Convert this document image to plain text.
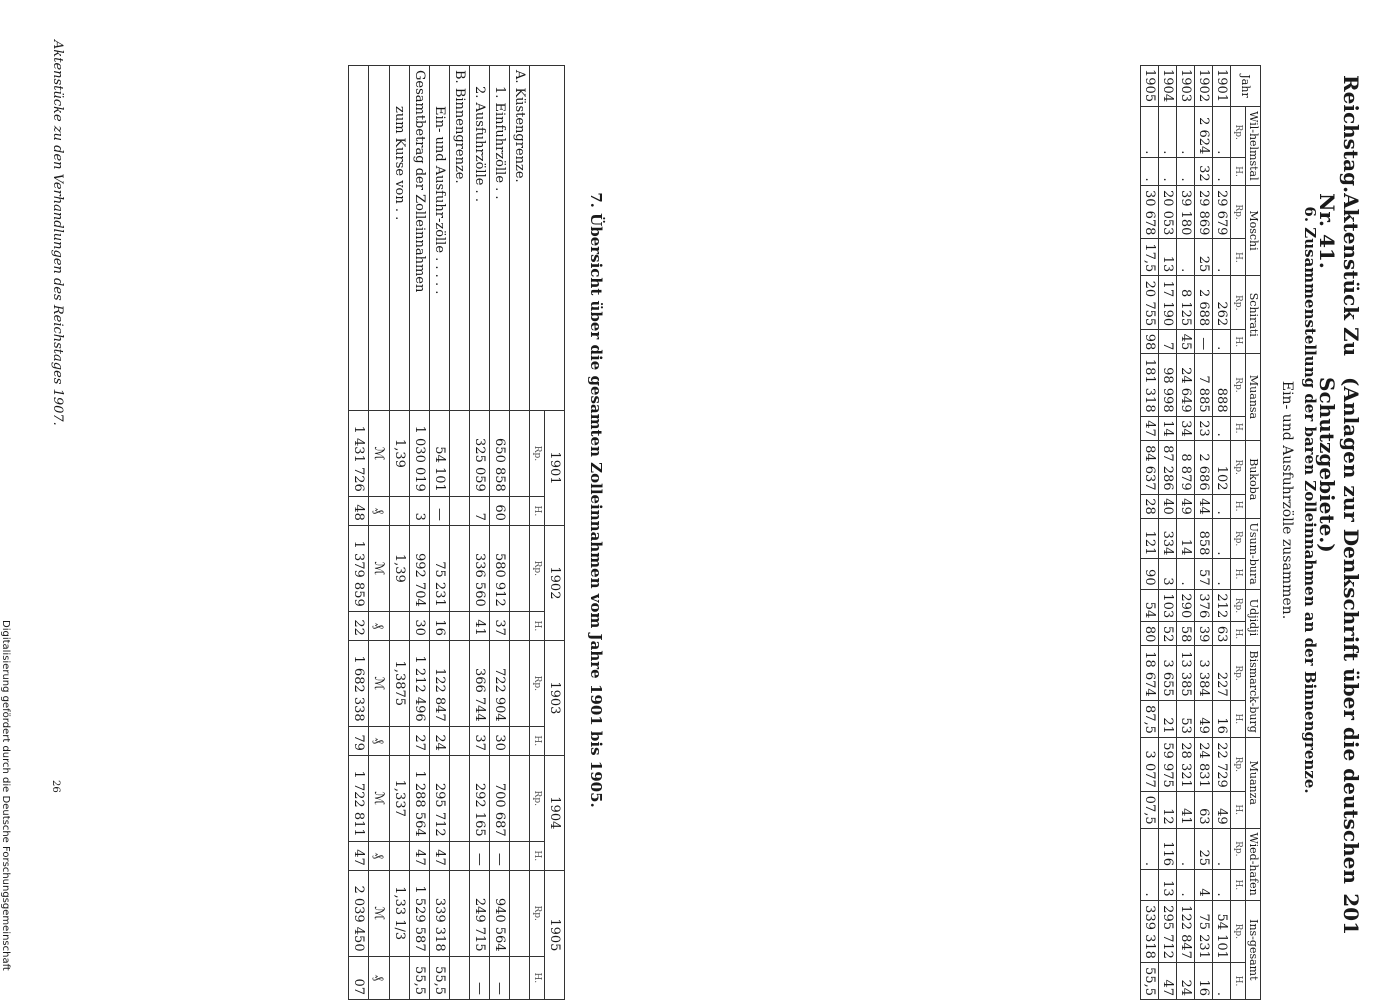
Reichstag.
Aktenstück Zu Nr. 41.
(Anlagen zur Denkschrift über die deutschen Schutzgebiete.)
201
6. Zusammenstellung der baren Zolleinnahmen an der Binnengrenze.
Ein- und Ausfuhrzölle zusammen.
Jahr	Wil-helmstal		Moschi		Schirati		Muansa		Bukoba		Usum-bura		Udjidji		Bismarck-burg		Muanza		Wied-hafen		Ins-gesamt	
	Rp.	H.	Rp.	H.	Rp.	H.	Rp.	H.	Rp.	H.	Rp.	H.	Rp.	H.	Rp.	H.	Rp.	H.	Rp.	H.	Rp.	H.
1901	.	.	29 679	.	262	.	888	.	102	.	.	.	212	63	227	16	22 729	49	.	.	54 101	.
1902	2 624	32	29 869	25	2 688	—	7 885	23	2 686	44	858	57	376	39	3 384	49	24 831	63	25	4	75 231	16
1903	.	.	39 180	.	8 125	45	24 649	34	8 879	49	14	.	290	58	13 385	53	28 321	41	.	.	122 847	24
1904	.	.	20 053	13	17 190	7	98 998	14	87 286	40	334	3	103	52	3 655	21	59 975	12	116	13	295 712	47
1905	.	.	30 678	17,5	20 755	98	181 318	47	84 637	28	121	90	54	80	18 674	87,5	3 077	07,5	.	.	339 318	55,5
7. Übersicht über die gesamten Zolleinnahmen vom Jahre 1901 bis 1905.
	1901		1902		1903		1904		1905	
	Rp.	H.	Rp.	H.	Rp.	H.	Rp.	H.	Rp.	H.
A. Küstengrenze.										
1. Einfuhrzölle . .	650 858	60	580 912	37	722 904	30	700 687	—	940 564	—
2. Ausfuhrzölle . .	325 059	7	336 560	41	366 744	37	292 165	—	249 715	—
B. Binnengrenze.										
Ein- und Ausfuhr-zölle . . . . .	54 101	—	75 231	16	122 847	24	295 712	47	339 318	55,5
Gesamtbetrag der Zolleinnahmen	1 030 019	3	992 704	30	1 212 496	27	1 288 564	47	1 529 587	55,5
zum Kurse von . .	1,39		1,39		1,3875		1,337		1,33 1/3	
	ℳ	₰	ℳ	₰	ℳ	₰	ℳ	₰	ℳ	₰
	1 431 726	48	1 379 859	22	1 682 338	79	1 722 811	47	2 039 450	07
Aktenstücke zu den Verhandlungen des Reichstages 1907.
26
Digitalisierung gefördert durch die Deutsche Forschungsgemeinschaft
